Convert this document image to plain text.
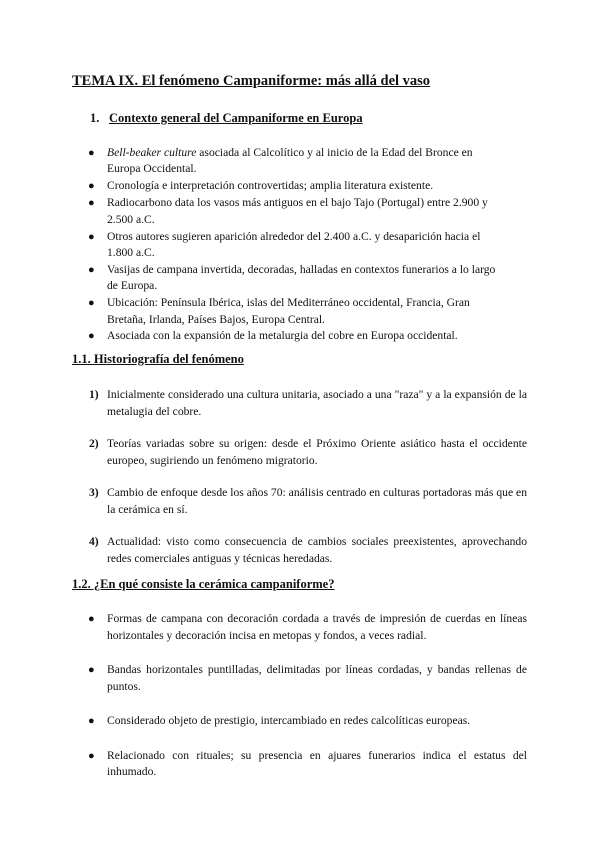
TEMA IX. El fenómeno Campaniforme: más allá del vaso
1. Contexto general del Campaniforme en Europa
● Bell-beaker culture asociada al Calcolítico y al inicio de la Edad del Bronce en Europa Occidental.
● Cronología e interpretación controvertidas; amplia literatura existente.
● Radiocarbono data los vasos más antiguos en el bajo Tajo (Portugal) entre 2.900 y 2.500 a.C.
● Otros autores sugieren aparición alrededor del 2.400 a.C. y desaparición hacia el 1.800 a.C.
● Vasijas de campana invertida, decoradas, halladas en contextos funerarios a lo largo de Europa.
● Ubicación: Península Ibérica, islas del Mediterráneo occidental, Francia, Gran Bretaña, Irlanda, Países Bajos, Europa Central.
● Asociada con la expansión de la metalurgia del cobre en Europa occidental.
1.1. Historiografía del fenómeno
1) Inicialmente considerado una cultura unitaria, asociado a una "raza" y a la expansión de la metalugia del cobre.
2) Teorías variadas sobre su origen: desde el Próximo Oriente asiático hasta el occidente europeo, sugiriendo un fenómeno migratorio.
3) Cambio de enfoque desde los años 70: análisis centrado en culturas portadoras más que en la cerámica en sí.
4) Actualidad: visto como consecuencia de cambios sociales preexistentes, aprovechando redes comerciales antiguas y técnicas heredadas.
1.2. ¿En qué consiste la cerámica campaniforme?
● Formas de campana con decoración cordada a través de impresión de cuerdas en líneas horizontales y decoración incisa en metopas y fondos, a veces radial.
● Bandas horizontales puntilladas, delimitadas por líneas cordadas, y bandas rellenas de puntos.
● Considerado objeto de prestigio, intercambiado en redes calcolíticas europeas.
● Relacionado con rituales; su presencia en ajuares funerarios indica el estatus del inhumado.
